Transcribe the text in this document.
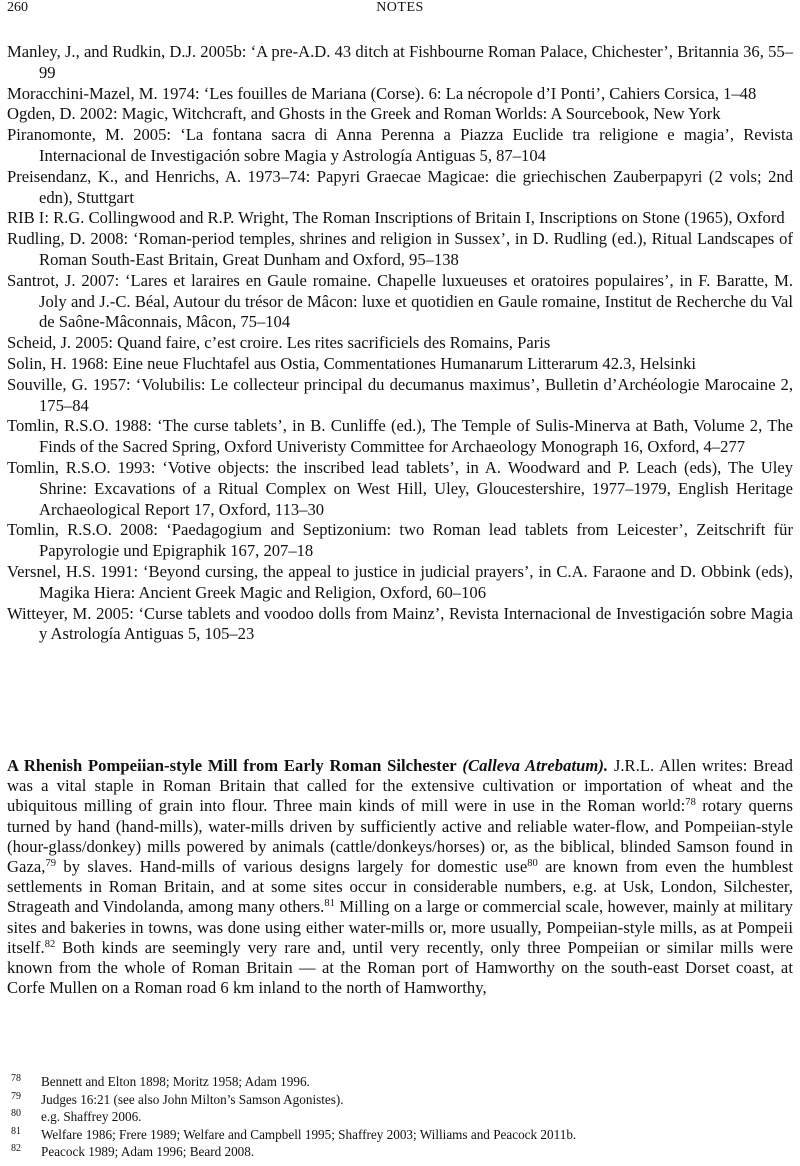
260	NOTES
Manley, J., and Rudkin, D.J. 2005b: ‘A pre-A.D. 43 ditch at Fishbourne Roman Palace, Chichester’, Britannia 36, 55–99
Moracchini-Mazel, M. 1974: ‘Les fouilles de Mariana (Corse). 6: La nécropole d’I Ponti’, Cahiers Corsica, 1–48
Ogden, D. 2002: Magic, Witchcraft, and Ghosts in the Greek and Roman Worlds: A Sourcebook, New York
Piranomonte, M. 2005: ‘La fontana sacra di Anna Perenna a Piazza Euclide tra religione e magia’, Revista Internacional de Investigación sobre Magia y Astrología Antiguas 5, 87–104
Preisendanz, K., and Henrichs, A. 1973–74: Papyri Graecae Magicae: die griechischen Zauberpapyri (2 vols; 2nd edn), Stuttgart
RIB I: R.G. Collingwood and R.P. Wright, The Roman Inscriptions of Britain I, Inscriptions on Stone (1965), Oxford
Rudling, D. 2008: ‘Roman-period temples, shrines and religion in Sussex’, in D. Rudling (ed.), Ritual Landscapes of Roman South-East Britain, Great Dunham and Oxford, 95–138
Santrot, J. 2007: ‘Lares et laraires en Gaule romaine. Chapelle luxueuses et oratoires populaires’, in F. Baratte, M. Joly and J.-C. Béal, Autour du trésor de Mâcon: luxe et quotidien en Gaule romaine, Institut de Recherche du Val de Saône-Mâconnais, Mâcon, 75–104
Scheid, J. 2005: Quand faire, c’est croire. Les rites sacrificiels des Romains, Paris
Solin, H. 1968: Eine neue Fluchtafel aus Ostia, Commentationes Humanarum Litterarum 42.3, Helsinki
Souville, G. 1957: ‘Volubilis: Le collecteur principal du decumanus maximus’, Bulletin d’Archéologie Marocaine 2, 175–84
Tomlin, R.S.O. 1988: ‘The curse tablets’, in B. Cunliffe (ed.), The Temple of Sulis-Minerva at Bath, Volume 2, The Finds of the Sacred Spring, Oxford Univeristy Committee for Archaeology Monograph 16, Oxford, 4–277
Tomlin, R.S.O. 1993: ‘Votive objects: the inscribed lead tablets’, in A. Woodward and P. Leach (eds), The Uley Shrine: Excavations of a Ritual Complex on West Hill, Uley, Gloucestershire, 1977–1979, English Heritage Archaeological Report 17, Oxford, 113–30
Tomlin, R.S.O. 2008: ‘Paedagogium and Septizonium: two Roman lead tablets from Leicester’, Zeitschrift für Papyrologie und Epigraphik 167, 207–18
Versnel, H.S. 1991: ‘Beyond cursing, the appeal to justice in judicial prayers’, in C.A. Faraone and D. Obbink (eds), Magika Hiera: Ancient Greek Magic and Religion, Oxford, 60–106
Witteyer, M. 2005: ‘Curse tablets and voodoo dolls from Mainz’, Revista Internacional de Investigación sobre Magia y Astrología Antiguas 5, 105–23
A Rhenish Pompeiian-style Mill from Early Roman Silchester (Calleva Atrebatum). J.R.L. Allen writes: Bread was a vital staple in Roman Britain that called for the extensive cultivation or importation of wheat and the ubiquitous milling of grain into flour. Three main kinds of mill were in use in the Roman world:$^{78}$ rotary querns turned by hand (hand-mills), water-mills driven by sufficiently active and reliable water-flow, and Pompeiian-style (hour-glass/donkey) mills powered by animals (cattle/donkeys/horses) or, as the biblical, blinded Samson found in Gaza,$^{79}$ by slaves. Hand-mills of various designs largely for domestic use$^{80}$ are known from even the humblest settlements in Roman Britain, and at some sites occur in considerable numbers, e.g. at Usk, London, Silchester, Strageath and Vindolanda, among many others.$^{81}$ Milling on a large or commercial scale, however, mainly at military sites and bakeries in towns, was done using either water-mills or, more usually, Pompeiian-style mills, as at Pompeii itself.$^{82}$ Both kinds are seemingly very rare and, until very recently, only three Pompeiian or similar mills were known from the whole of Roman Britain — at the Roman port of Hamworthy on the south-east Dorset coast, at Corfe Mullen on a Roman road 6 km inland to the north of Hamworthy,
78 Bennett and Elton 1898; Moritz 1958; Adam 1996.
79 Judges 16:21 (see also John Milton’s Samson Agonistes).
80 e.g. Shaffrey 2006.
81 Welfare 1986; Frere 1989; Welfare and Campbell 1995; Shaffrey 2003; Williams and Peacock 2011b.
82 Peacock 1989; Adam 1996; Beard 2008.
